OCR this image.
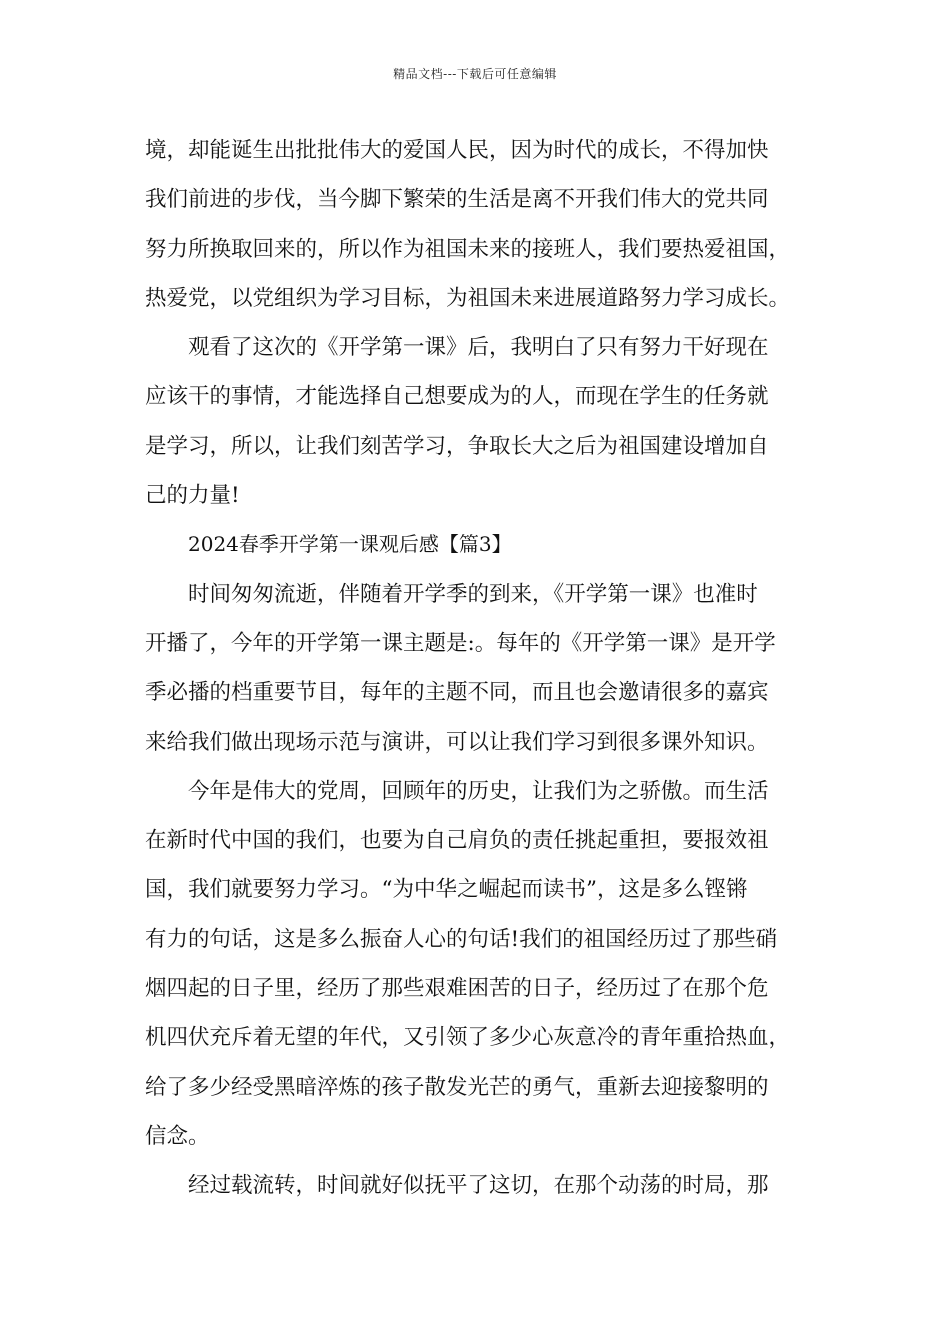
精品文档---下载后可任意编辑
境，却能诞生出批批伟大的爱国人民，因为时代的成长，不得加快
我们前进的步伐，当今脚下繁荣的生活是离不开我们伟大的党共同
努力所换取回来的，所以作为祖国未来的接班人，我们要热爱祖国，
热爱党，以党组织为学习目标，为祖国未来进展道路努力学习成长。
观看了这次的《开学第一课》后，我明白了只有努力干好现在
应该干的事情，才能选择自己想要成为的人，而现在学生的任务就
是学习，所以，让我们刻苦学习，争取长大之后为祖国建设增加自
己的力量!
2024春季开学第一课观后感【篇3】
时间匆匆流逝，伴随着开学季的到来，《开学第一课》也准时
开播了，今年的开学第一课主题是:。每年的《开学第一课》是开学
季必播的档重要节目，每年的主题不同，而且也会邀请很多的嘉宾
来给我们做出现场示范与演讲，可以让我们学习到很多课外知识。
今年是伟大的党周，回顾年的历史，让我们为之骄傲。而生活
在新时代中国的我们，也要为自己肩负的责任挑起重担，要报效祖
国，我们就要努力学习。“为中华之崛起而读书”，这是多么铿锵
有力的句话，这是多么振奋人心的句话!我们的祖国经历过了那些硝
烟四起的日子里，经历了那些艰难困苦的日子，经历过了在那个危
机四伏充斥着无望的年代，又引领了多少心灰意冷的青年重拾热血，
给了多少经受黑暗淬炼的孩子散发光芒的勇气，重新去迎接黎明的
信念。
经过载流转，时间就好似抚平了这切，在那个动荡的时局，那
